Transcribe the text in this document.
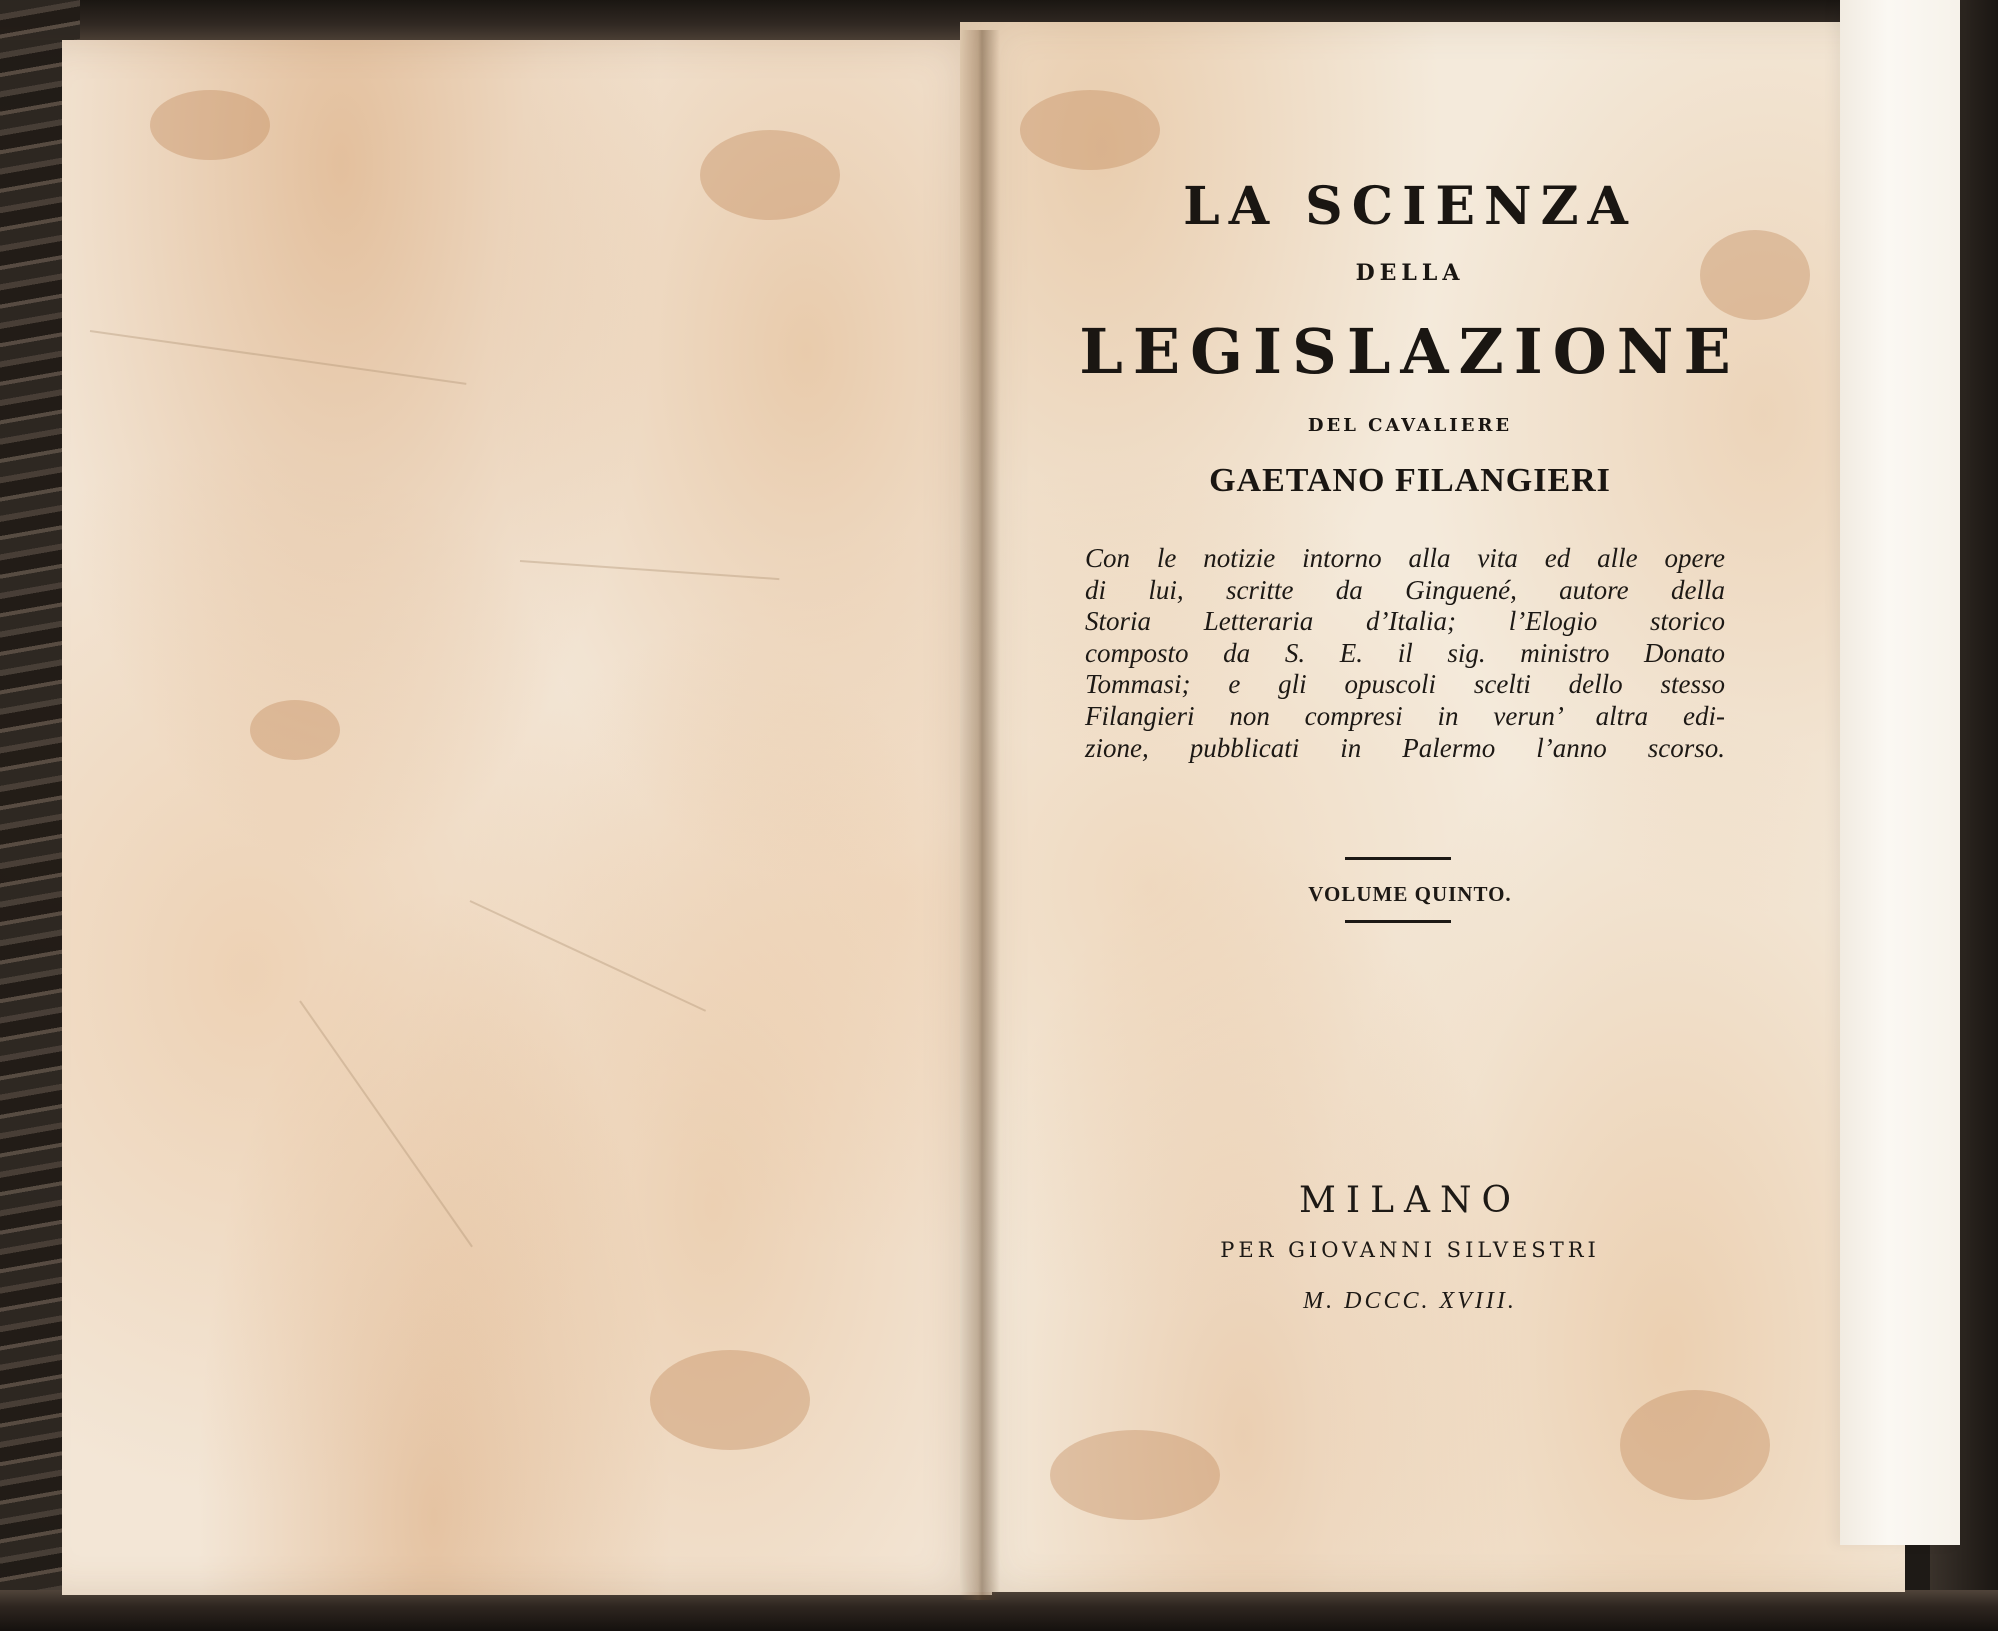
LA SCIENZA
DELLA
LEGISLAZIONE
DEL CAVALIERE
GAETANO FILANGIERI
Con le notizie intorno alla vita ed alle opere
di lui, scritte da Ginguené, autore della
Storia Letteraria d’Italia; l’Elogio storico
composto da S. E. il sig. ministro Donato
Tommasi; e gli opuscoli scelti dello stesso
Filangieri non compresi in verun’ altra edi-
zione, pubblicati in Palermo l’anno scorso.
VOLUME QUINTO.
MILANO
PER GIOVANNI SILVESTRI
M. DCCC. XVIII.
